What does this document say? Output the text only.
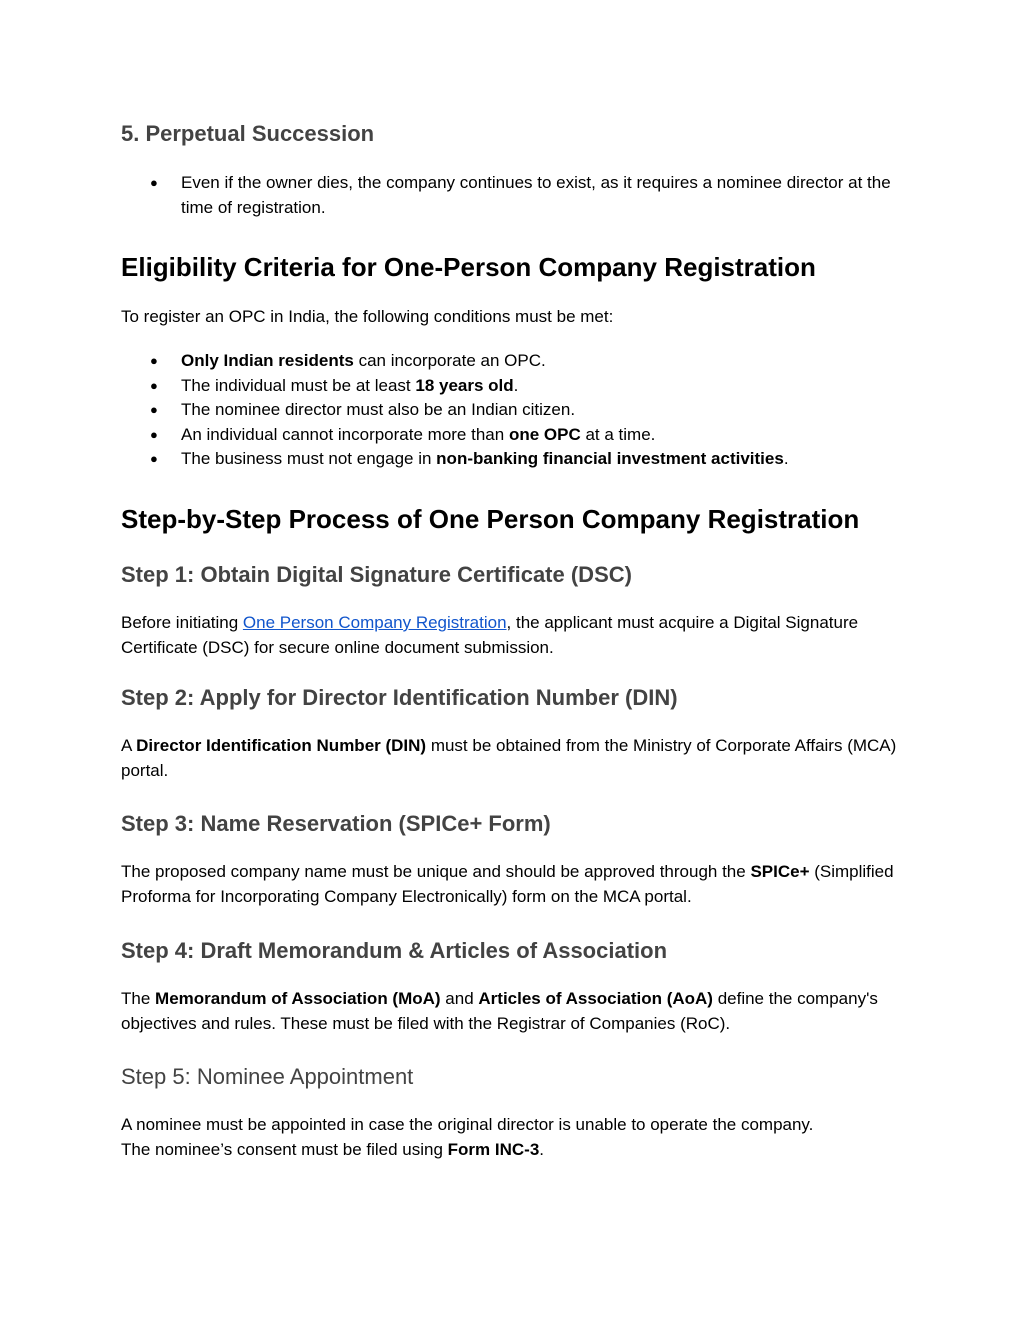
5. Perpetual Succession
● Even if the owner dies, the company continues to exist, as it requires a nominee director at the time of registration.
Eligibility Criteria for One-Person Company Registration

To register an OPC in India, the following conditions must be met:

● Only Indian residents can incorporate an OPC.
● The individual must be at least 18 years old.
● The nominee director must also be an Indian citizen.
● An individual cannot incorporate more than one OPC at a time.
● The business must not engage in non-banking financial investment activities.
Step-by-Step Process of One Person Company Registration
Step 1: Obtain Digital Signature Certificate (DSC)

Before initiating One Person Company Registration, the applicant must acquire a Digital Signature Certificate (DSC) for secure online document submission.

Step 2: Apply for Director Identification Number (DIN)

A Director Identification Number (DIN) must be obtained from the Ministry of Corporate Affairs (MCA) portal.

Step 3: Name Reservation (SPICe+ Form)

The proposed company name must be unique and should be approved through the SPICe+ (Simplified Proforma for Incorporating Company Electronically) form on the MCA portal.

Step 4: Draft Memorandum & Articles of Association

The Memorandum of Association (MoA) and Articles of Association (AoA) define the company's objectives and rules. These must be filed with the Registrar of Companies (RoC).

Step 5: Nominee Appointment

A nominee must be appointed in case the original director is unable to operate the company.
The nominee’s consent must be filed using Form INC-3.
